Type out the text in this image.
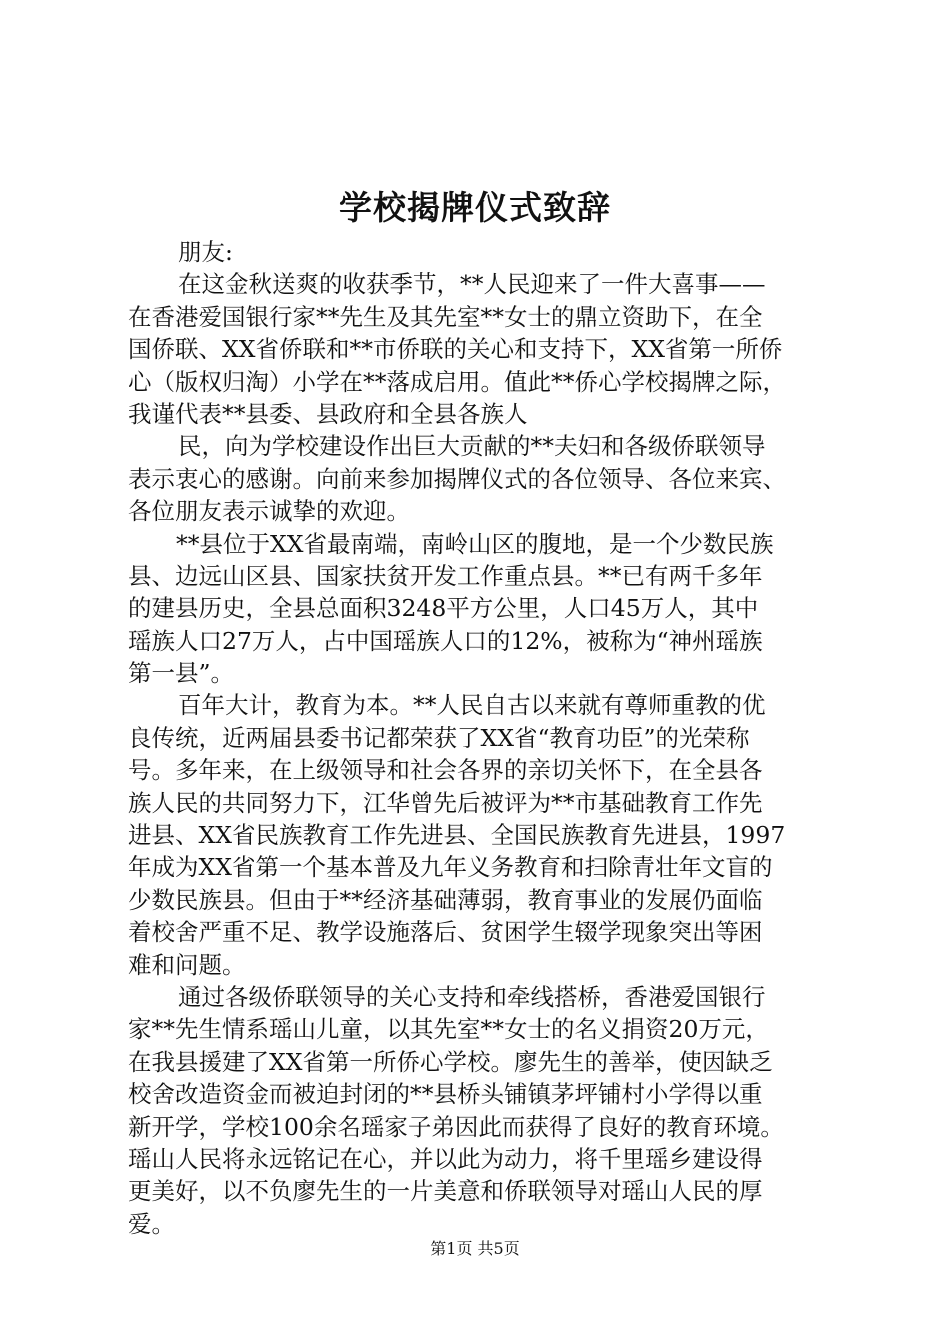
学校揭牌仪式致辞
朋友:
在这金秋送爽的收获季节，**人民迎来了一件大喜事——
在香港爱国银行家**先生及其先室**女士的鼎立资助下，在全
国侨联、XX省侨联和**市侨联的关心和支持下，XX省第一所侨
心（版权归淘）小学在**落成启用。值此**侨心学校揭牌之际，
我谨代表**县委、县政府和全县各族人
民，向为学校建设作出巨大贡献的**夫妇和各级侨联领导
表示衷心的感谢。向前来参加揭牌仪式的各位领导、各位来宾、
各位朋友表示诚挚的欢迎。
**县位于XX省最南端，南岭山区的腹地，是一个少数民族
县、边远山区县、国家扶贫开发工作重点县。**已有两千多年
的建县历史，全县总面积3248平方公里，人口45万人，其中
瑶族人口27万人，占中国瑶族人口的12%，被称为“神州瑶族
第一县”。
百年大计，教育为本。**人民自古以来就有尊师重教的优
良传统，近两届县委书记都荣获了XX省“教育功臣”的光荣称
号。多年来，在上级领导和社会各界的亲切关怀下，在全县各
族人民的共同努力下，江华曾先后被评为**市基础教育工作先
进县、XX省民族教育工作先进县、全国民族教育先进县，1997
年成为XX省第一个基本普及九年义务教育和扫除青壮年文盲的
少数民族县。但由于**经济基础薄弱，教育事业的发展仍面临
着校舍严重不足、教学设施落后、贫困学生辍学现象突出等困
难和问题。
通过各级侨联领导的关心支持和牵线搭桥，香港爱国银行
家**先生情系瑶山儿童，以其先室**女士的名义捐资20万元，
在我县援建了XX省第一所侨心学校。廖先生的善举，使因缺乏
校舍改造资金而被迫封闭的**县桥头铺镇茅坪铺村小学得以重
新开学，学校100余名瑶家子弟因此而获得了良好的教育环境。
瑶山人民将永远铭记在心，并以此为动力，将千里瑶乡建设得
更美好，以不负廖先生的一片美意和侨联领导对瑶山人民的厚
爱。
第1页 共5页
